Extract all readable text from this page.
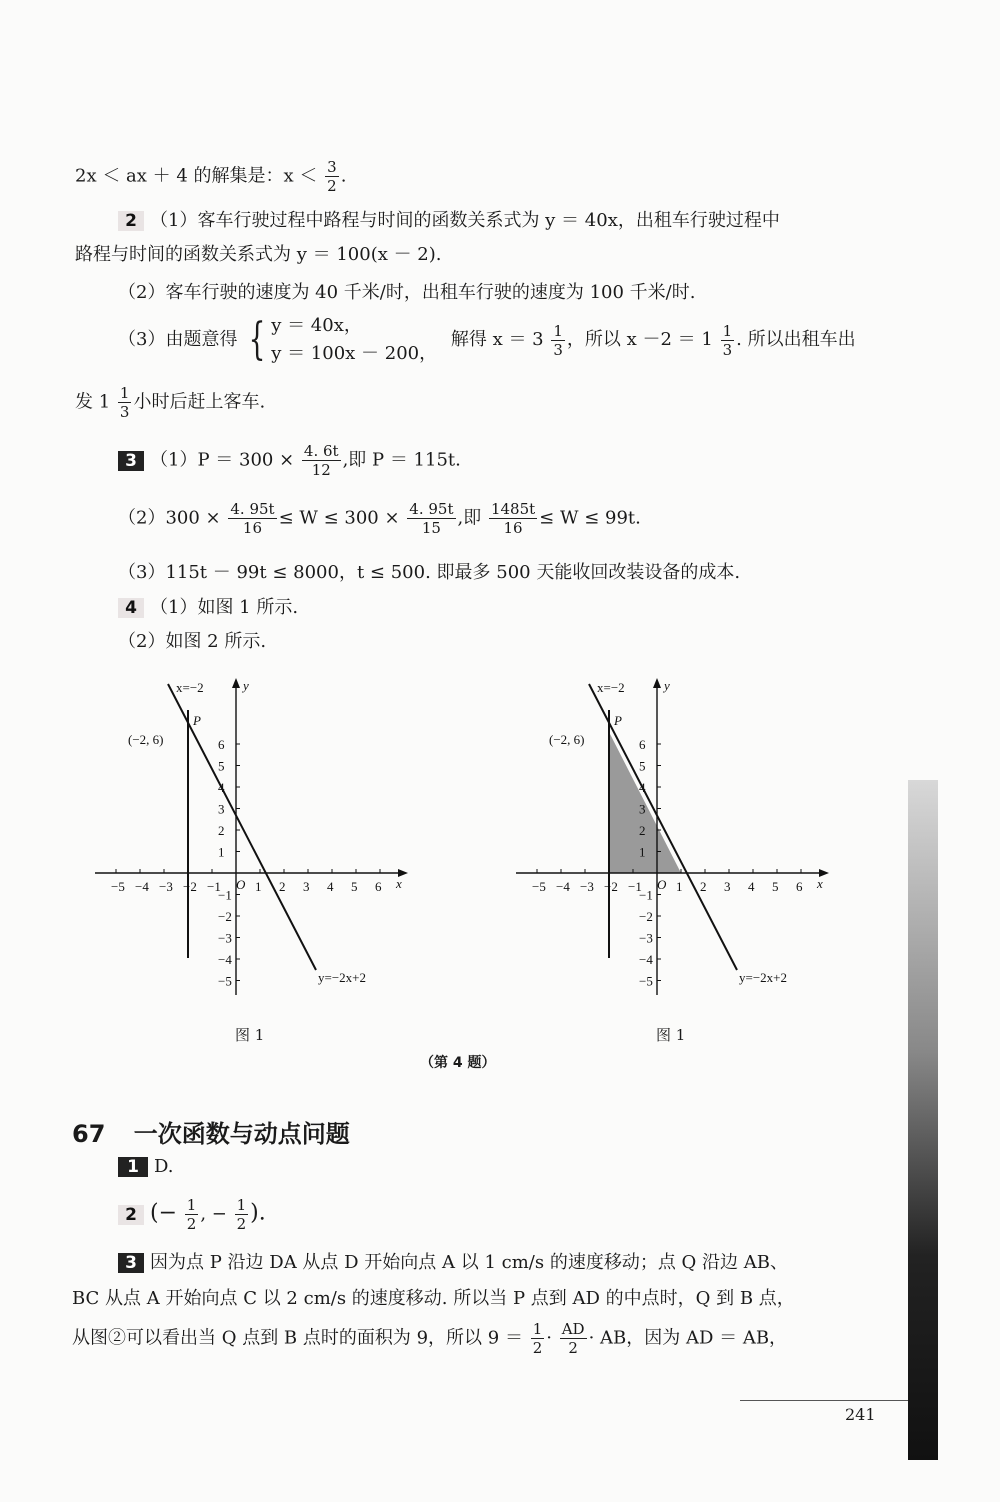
2x ＜ ax ＋ 4 的解集是：$x < \frac{3}{2}$ .
2 （1）客车行驶过程中路程与时间的函数关系式为 y ＝ 40x，出租车行驶过程中
路程与时间的函数关系式为 y ＝ 100(x － 2).
（2）客车行驶的速度为 40 千米/时，出租车行驶的速度为 100 千米/时.
（3）由题意得 { y ＝ 40x，
y ＝ 100x － 200，
解得 $x = 3 \frac{1}{3}$ ，所以 $x -2 = 1 \frac{1}{3}$ . 所以出租车出
发 $1 \frac{1}{3}$ 小时后赶上客车.
3 $(1)P = 300 \times \frac{4. 6t}{12}$ ,即 P ＝ 115t.
$(2)300 \times \frac{4. 95t}{16} \le W \le 300 \times \frac{4. 95t}{15}$ ,即 $\frac{1485t}{16} \le W \le 99t$.
（3）115t － 99t ≤ 8000，t ≤ 500. 即最多 500 天能收回改装设备的成本.
4 （1）如图 1 所示.
（2）如图 2 所示.
x=−2	y
P
(−2, 6)
O	x
y=−2x+2
−5 −4 −3 −2 −1	1 2 3 4 5 6
6
5
4
3
2
1
−1
−2
−3
−4
−5
x=−2	y
P
(−2, 6)
O	x
y=−2x+2
−5 −4 −3 −2 −1	1 2 3 4 5 6
6
5
4
3
2
1
−1
−2
−3
−4
−5
图 1	图 1
（第 4 题）
67 一次函数与动点问题
1 D.
2 (− $\frac{1}{2}$ , − $\frac{1}{2}$ ).
3 因为点 P 沿边 DA 从点 D 开始向点 A 以 1 cm/s 的速度移动；点 Q 沿边 AB、
BC 从点 A 开始向点 C 以 2 cm/s 的速度移动. 所以当 P 点到 AD 的中点时，Q 到 B 点，
从图②可以看出当 Q 点到 B 点时的面积为 9，所以 $9 = \frac{1}{2} \cdot \frac{AD}{2}$ · AB，因为 AD ＝ AB，
241
